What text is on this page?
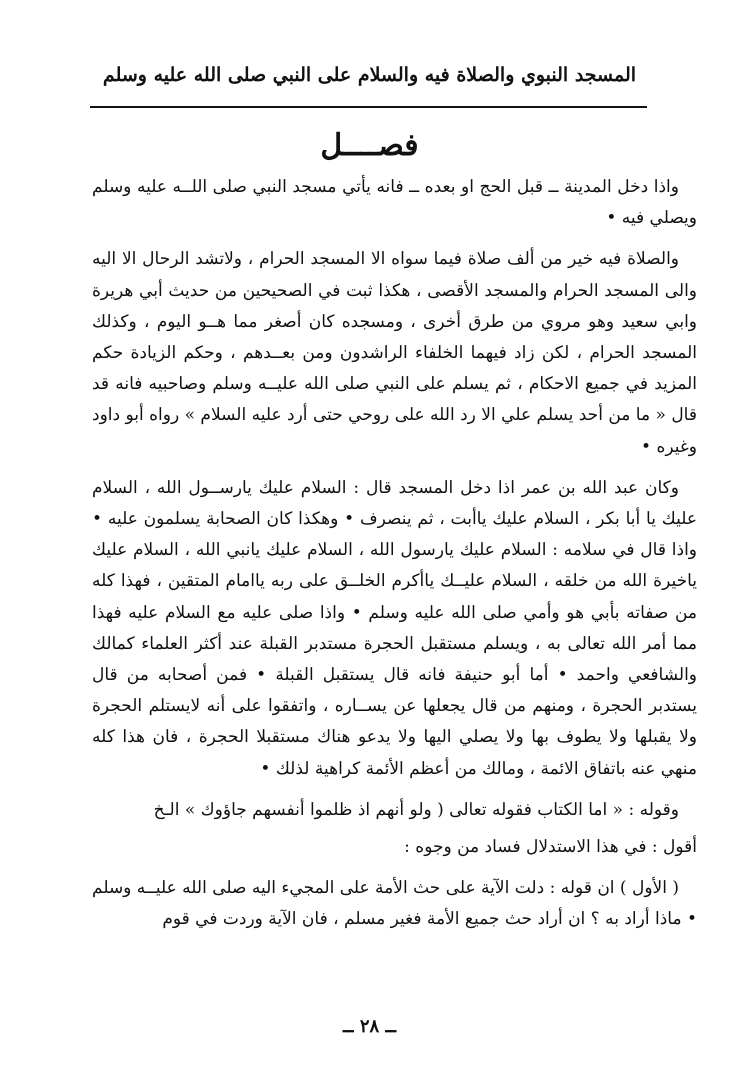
المسجد النبوي والصلاة فيه والسلام على النبي صلى الله عليه وسلم
فصــــل

واذا دخل المدينة ــ قبل الحج او بعده ــ فانه يأتي مسجد النبي صلى اللــه عليه وسلم ويصلي فيه •

والصلاة فيه خير من ألف صلاة فيما سواه الا المسجد الحرام ، ولاتشد الرحال الا اليه والى المسجد الحرام والمسجد الأقصى ، هكذا ثبت في الصحيحين من حديث أبي هريرة وابي سعيد وهو مروي من طرق أخرى ، ومسجده كان أصغر مما هــو اليوم ، وكذلك المسجد الحرام ، لكن زاد فيهما الخلفاء الراشدون ومن بعــدهم ، وحكم الزيادة حكم المزيد في جميع الاحكام ، ثم يسلم على النبي صلى الله عليــه وسلم وصاحبيه فانه قد قال « ما من أحد يسلم علي الا رد الله على روحي حتى أرد عليه السلام » رواه أبو داود وغيره •

وكان عبد الله بن عمر اذا دخل المسجد قال : السلام عليك يارســول الله ، السلام عليك يا أبا بكر ، السلام عليك ياأبت ، ثم ينصرف • وهكذا كان الصحابة يسلمون عليه • واذا قال في سلامه : السلام عليك يارسول الله ، السلام عليك يانبي الله ، السلام عليك ياخيرة الله من خلقه ، السلام عليــك ياأكرم الخلــق على ربه ياامام المتقين ، فهذا كله من صفاته بأبي هو وأمي صلى الله عليه وسلم • واذا صلى عليه مع السلام عليه فهذا مما أمر الله تعالى به ، ويسلم مستقبل الحجرة مستدبر القبلة عند أكثر العلماء كمالك والشافعي واحمد • أما أبو حنيفة فانه قال يستقبل القبلة • فمن أصحابه من قال يستدبر الحجرة ، ومنهم من قال يجعلها عن يســاره ، واتفقوا على أنه لايستلم الحجرة ولا يقبلها ولا يطوف بها ولا يصلي اليها ولا يدعو هناك مستقبلا الحجرة ، فان هذا كله منهي عنه باتفاق الائمة ، ومالك من أعظم الأئمة كراهية لذلك •

وقوله : « اما الكتاب فقوله تعالى ( ولو أنهم اذ ظلموا أنفسهم جاؤوك » الـخ

أقول : في هذا الاستدلال فساد من وجوه :

( الأول ) ان قوله : دلت الآية على حث الأمة على المجيء اليه صلى الله عليــه وسلم • ماذا أراد به ؟ ان أراد حث جميع الأمة فغير مسلم ، فان الآية وردت في قوم

ــ ٢٨ ــ
